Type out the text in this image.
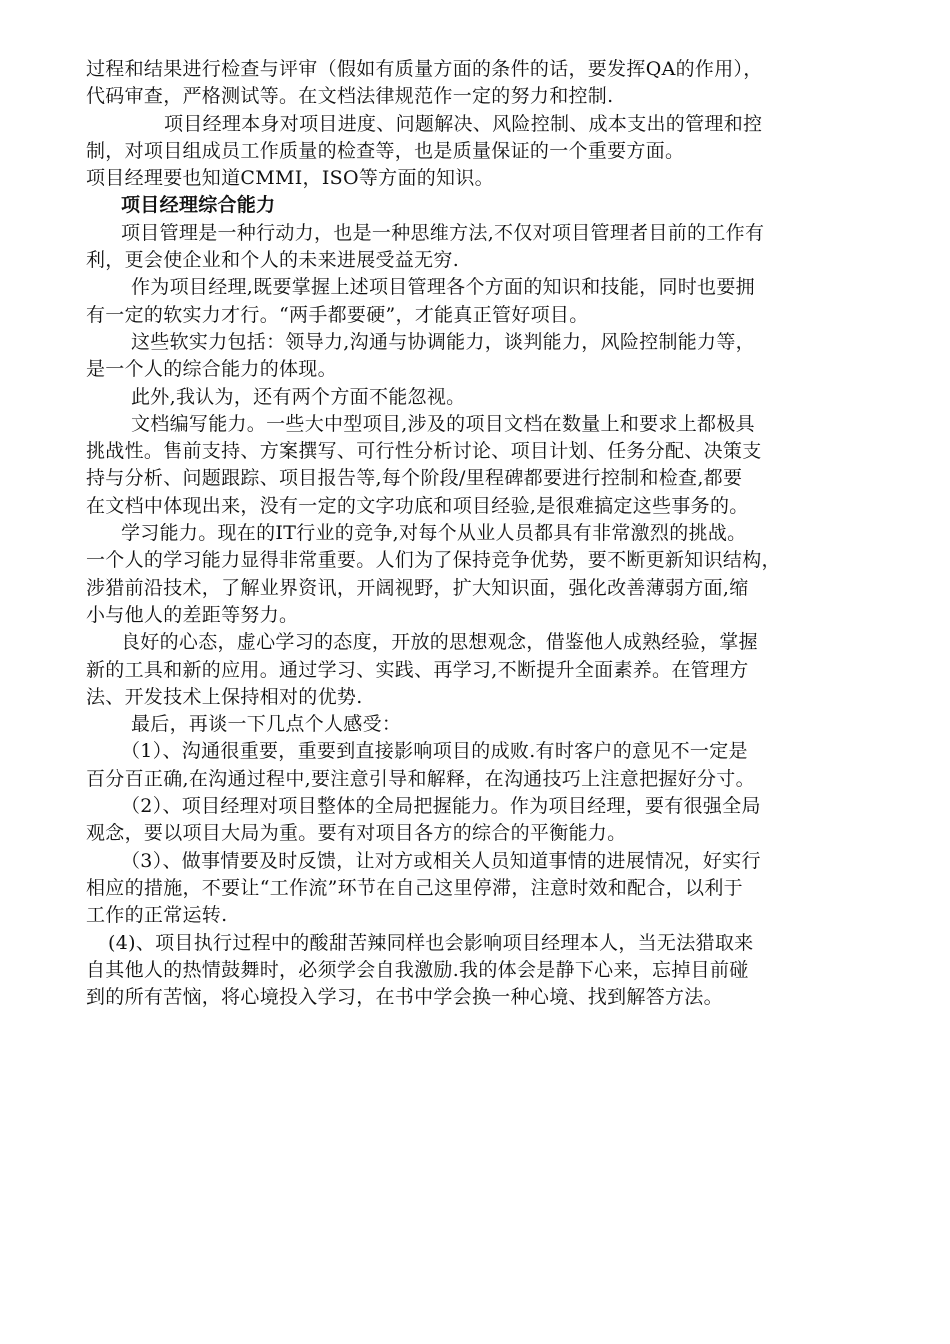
过程和结果进行检查与评审（假如有质量方面的条件的话，要发挥QA的作用），
代码审查，严格测试等。在文档法律规范作一定的努力和控制.
项目经理本身对项目进度、问题解决、风险控制、成本支出的管理和控
制，对项目组成员工作质量的检查等，也是质量保证的一个重要方面。
项目经理要也知道CMMI，ISO等方面的知识。
项目经理综合能力
项目管理是一种行动力，也是一种思维方法,不仅对项目管理者目前的工作有
利，更会使企业和个人的未来进展受益无穷.
作为项目经理,既要掌握上述项目管理各个方面的知识和技能，同时也要拥
有一定的软实力才行。“两手都要硬”，才能真正管好项目。
这些软实力包括：领导力,沟通与协调能力，谈判能力，风险控制能力等，
是一个人的综合能力的体现。
此外,我认为，还有两个方面不能忽视。
文档编写能力。一些大中型项目,涉及的项目文档在数量上和要求上都极具
挑战性。售前支持、方案撰写、可行性分析讨论、项目计划、任务分配、决策支
持与分析、问题跟踪、项目报告等,每个阶段/里程碑都要进行控制和检查,都要
在文档中体现出来，没有一定的文字功底和项目经验,是很难搞定这些事务的。
学习能力。现在的IT行业的竞争,对每个从业人员都具有非常激烈的挑战。
一个人的学习能力显得非常重要。人们为了保持竞争优势，要不断更新知识结构，
涉猎前沿技术，了解业界资讯，开阔视野，扩大知识面，强化改善薄弱方面,缩
小与他人的差距等努力。
良好的心态，虚心学习的态度，开放的思想观念，借鉴他人成熟经验，掌握
新的工具和新的应用。通过学习、实践、再学习,不断提升全面素养。在管理方
法、开发技术上保持相对的优势.
最后，再谈一下几点个人感受：
（1）、沟通很重要，重要到直接影响项目的成败.有时客户的意见不一定是
百分百正确,在沟通过程中,要注意引导和解释，在沟通技巧上注意把握好分寸。
（2）、项目经理对项目整体的全局把握能力。作为项目经理，要有很强全局
观念，要以项目大局为重。要有对项目各方的综合的平衡能力。
（3）、做事情要及时反馈，让对方或相关人员知道事情的进展情况，好实行
相应的措施，不要让“工作流”环节在自己这里停滞，注意时效和配合，以利于
工作的正常运转.
(4)、项目执行过程中的酸甜苦辣同样也会影响项目经理本人，当无法猎取来
自其他人的热情鼓舞时，必须学会自我激励.我的体会是静下心来，忘掉目前碰
到的所有苦恼，将心境投入学习，在书中学会换一种心境、找到解答方法。
